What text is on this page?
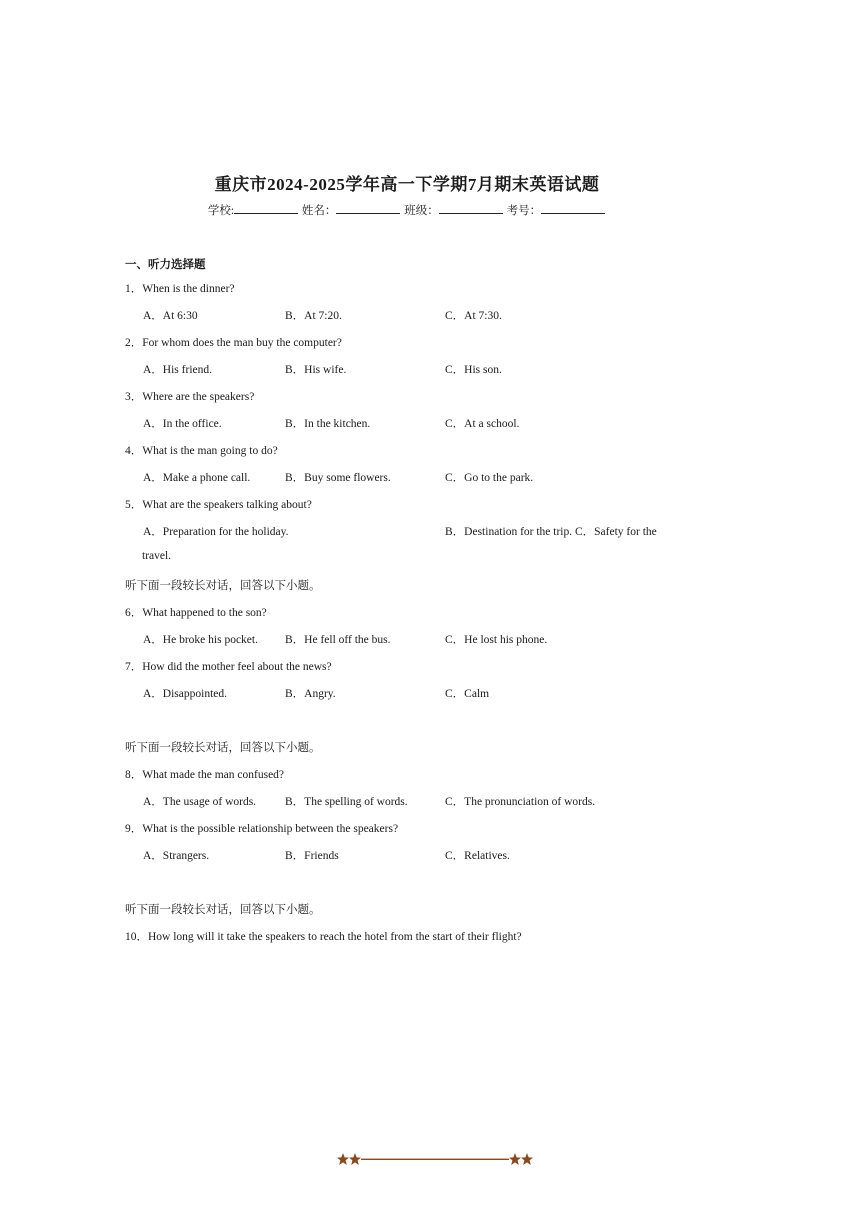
重庆市2024-2025学年高一下学期7月期末英语试题
学校:	姓名：	班级：	考号：
一、听力选择题
1．When is the dinner?
A．At 6:30	B．At 7:20.	C．At 7:30.
2．For whom does the man buy the computer?
A．His friend.	B．His wife.	C．His son.
3．Where are the speakers?
A．In the office.	B．In the kitchen.	C．At a school.
4．What is the man going to do?
A．Make a phone call.	B．Buy some flowers.	C．Go to the park.
5．What are the speakers talking about?
A．Preparation for the holiday.	B．Destination for the trip. C．Safety for the
travel.
听下面一段较长对话，回答以下小题。
6．What happened to the son?
A．He broke his pocket. B．He fell off the bus.	C．He lost his phone.
7．How did the mother feel about the news?
A．Disappointed.	B．Angry.	C．Calm
听下面一段较长对话，回答以下小题。
8．What made the man confused?
A．The usage of words.	B．The spelling of words.	C．The pronunciation of words.
9．What is the possible relationship between the speakers?
A．Strangers.	B．Friends	C．Relatives.
听下面一段较长对话，回答以下小题。
10．How long will it take the speakers to reach the hotel from the start of their flight?
